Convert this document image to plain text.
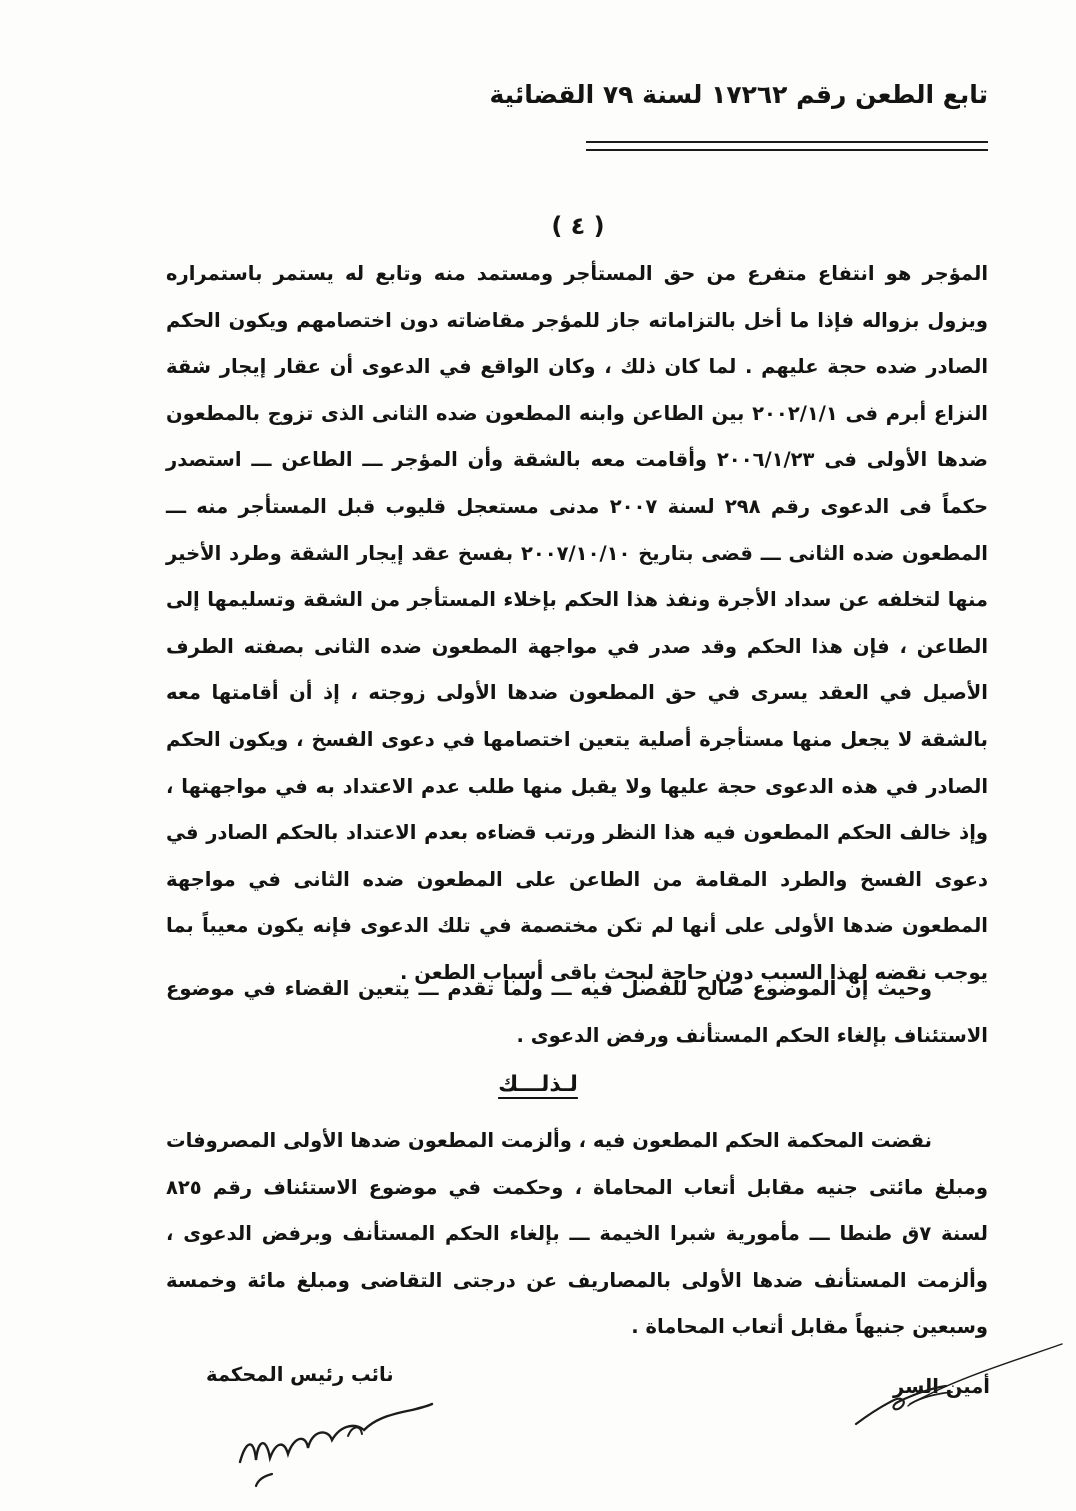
تابع الطعن رقم ١٧٢٦٢ لسنة ٧٩ القضائية
( ٤ )
المؤجر هو انتفاع متفرع من حق المستأجر ومستمد منه وتابع له يستمر باستمراره ويزول بزواله فإذا ما أخل بالتزاماته جاز للمؤجر مقاضاته دون اختصامهم ويكون الحكم الصادر ضده حجة عليهم . لما كان ذلك ، وكان الواقع في الدعوى أن عقار إيجار شقة النزاع أبرم فى ٢٠٠٢/١/١ بين الطاعن وابنه المطعون ضده الثانى الذى تزوج بالمطعون ضدها الأولى فى ٢٠٠٦/١/٢٣ وأقامت معه بالشقة وأن المؤجر ـــ الطاعن ـــ استصدر حكماً فى الدعوى رقم ٢٩٨ لسنة ٢٠٠٧ مدنى مستعجل قليوب قبل المستأجر منه ـــ المطعون ضده الثانى ـــ قضى بتاريخ ٢٠٠٧/١٠/١٠ بفسخ عقد إيجار الشقة وطرد الأخير منها لتخلفه عن سداد الأجرة ونفذ هذا الحكم بإخلاء المستأجر من الشقة وتسليمها إلى الطاعن ، فإن هذا الحكم وقد صدر في مواجهة المطعون ضده الثانى بصفته الطرف الأصيل في العقد يسرى في حق المطعون ضدها الأولى زوجته ، إذ أن أقامتها معه بالشقة لا يجعل منها مستأجرة أصلية يتعين اختصامها في دعوى الفسخ ، ويكون الحكم الصادر في هذه الدعوى حجة عليها ولا يقبل منها طلب عدم الاعتداد به في مواجهتها ، وإذ خالف الحكم المطعون فيه هذا النظر ورتب قضاءه بعدم الاعتداد بالحكم الصادر في دعوى الفسخ والطرد المقامة من الطاعن على المطعون ضده الثانى في مواجهة المطعون ضدها الأولى على أنها لم تكن مختصمة في تلك الدعوى فإنه يكون معيباً بما يوجب نقضه لهذا السبب دون حاجة لبحث باقى أسباب الطعن .
وحيث إن الموضوع صالح للفصل فيه ـــ ولما تقدم ـــ يتعين القضاء في موضوع الاستئناف بإلغاء الحكم المستأنف ورفض الدعوى .
لـذلـــك
نقضت المحكمة الحكم المطعون فيه ، وألزمت المطعون ضدها الأولى المصروفات ومبلغ مائتى جنيه مقابل أتعاب المحاماة ، وحكمت في موضوع الاستئناف رقم ٨٢٥ لسنة ٧ق طنطا ـــ مأمورية شبرا الخيمة ـــ بإلغاء الحكم المستأنف وبرفض الدعوى ، وألزمت المستأنف ضدها الأولى بالمصاريف عن درجتى التقاضى ومبلغ مائة وخمسة وسبعين جنيهاً مقابل أتعاب المحاماة .
نائب رئيس المحكمة
أمين السر
